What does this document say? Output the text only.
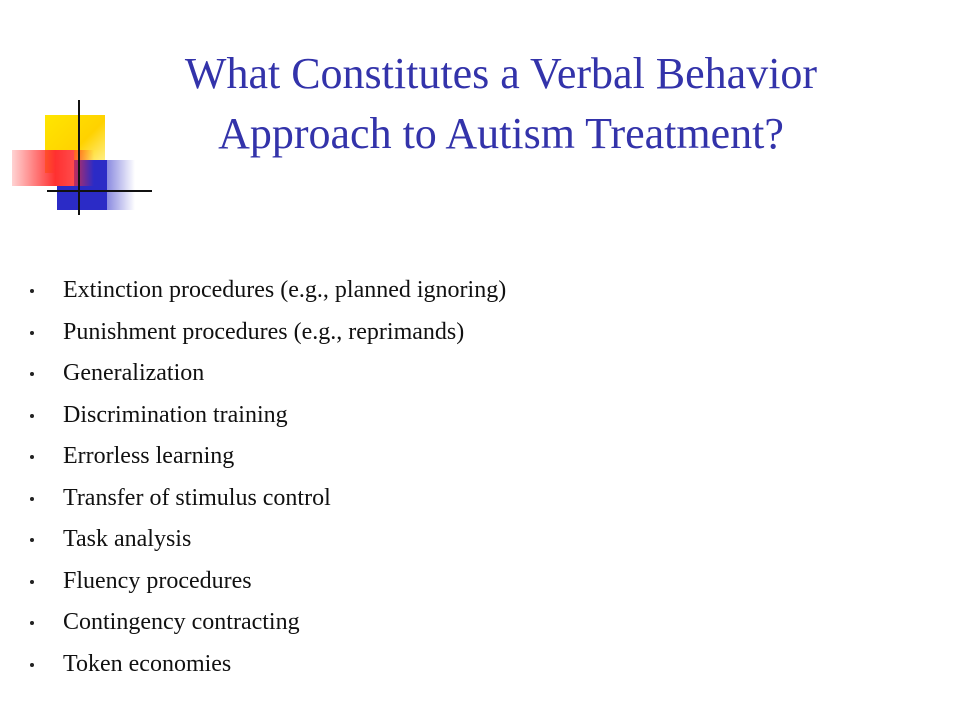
What Constitutes a Verbal Behavior Approach to Autism Treatment?
Extinction procedures (e.g., planned ignoring)
Punishment procedures (e.g., reprimands)
Generalization
Discrimination training
Errorless learning
Transfer of stimulus control
Task analysis
Fluency procedures
Contingency contracting
Token economies
